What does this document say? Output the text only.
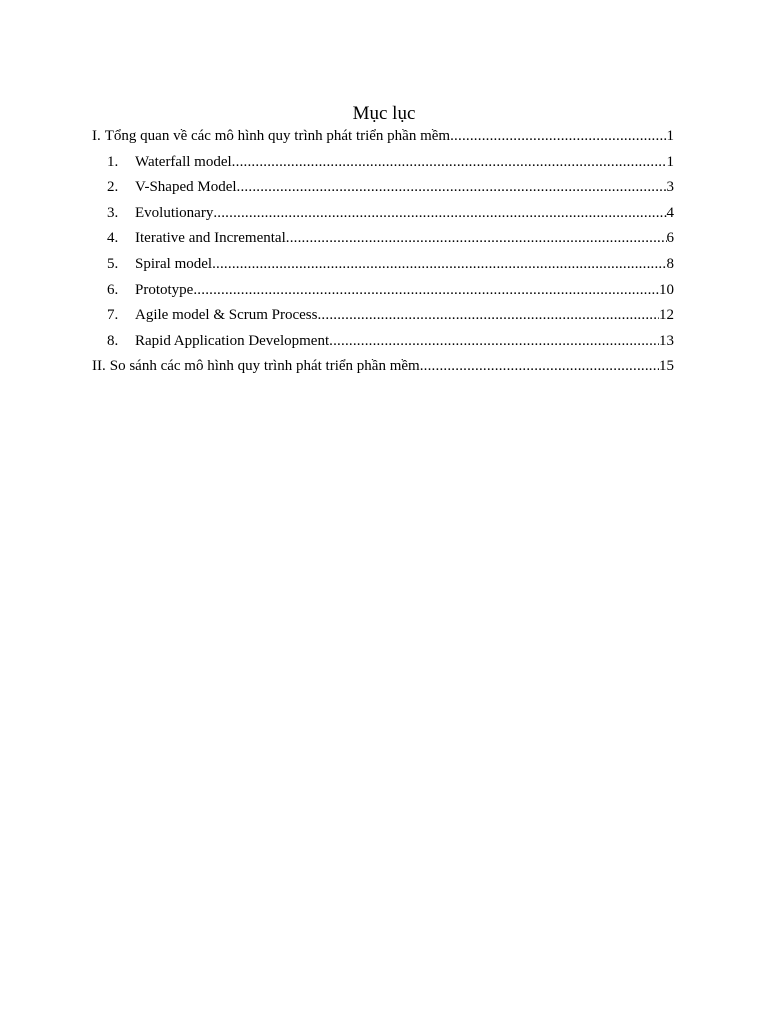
Mục lục
I. Tổng quan về các mô hình quy trình phát triển phần mềm .....	1
1.	Waterfall model .....	1
2.	V-Shaped Model .....	3
3.	Evolutionary .....	4
4.	Iterative and Incremental .....	6
5.	Spiral model .....	8
6.	Prototype .....	10
7.	Agile model & Scrum Process .....	12
8.	Rapid Application Development .....	13
II. So sánh các mô hình quy trình phát triển phần mềm .....	15
